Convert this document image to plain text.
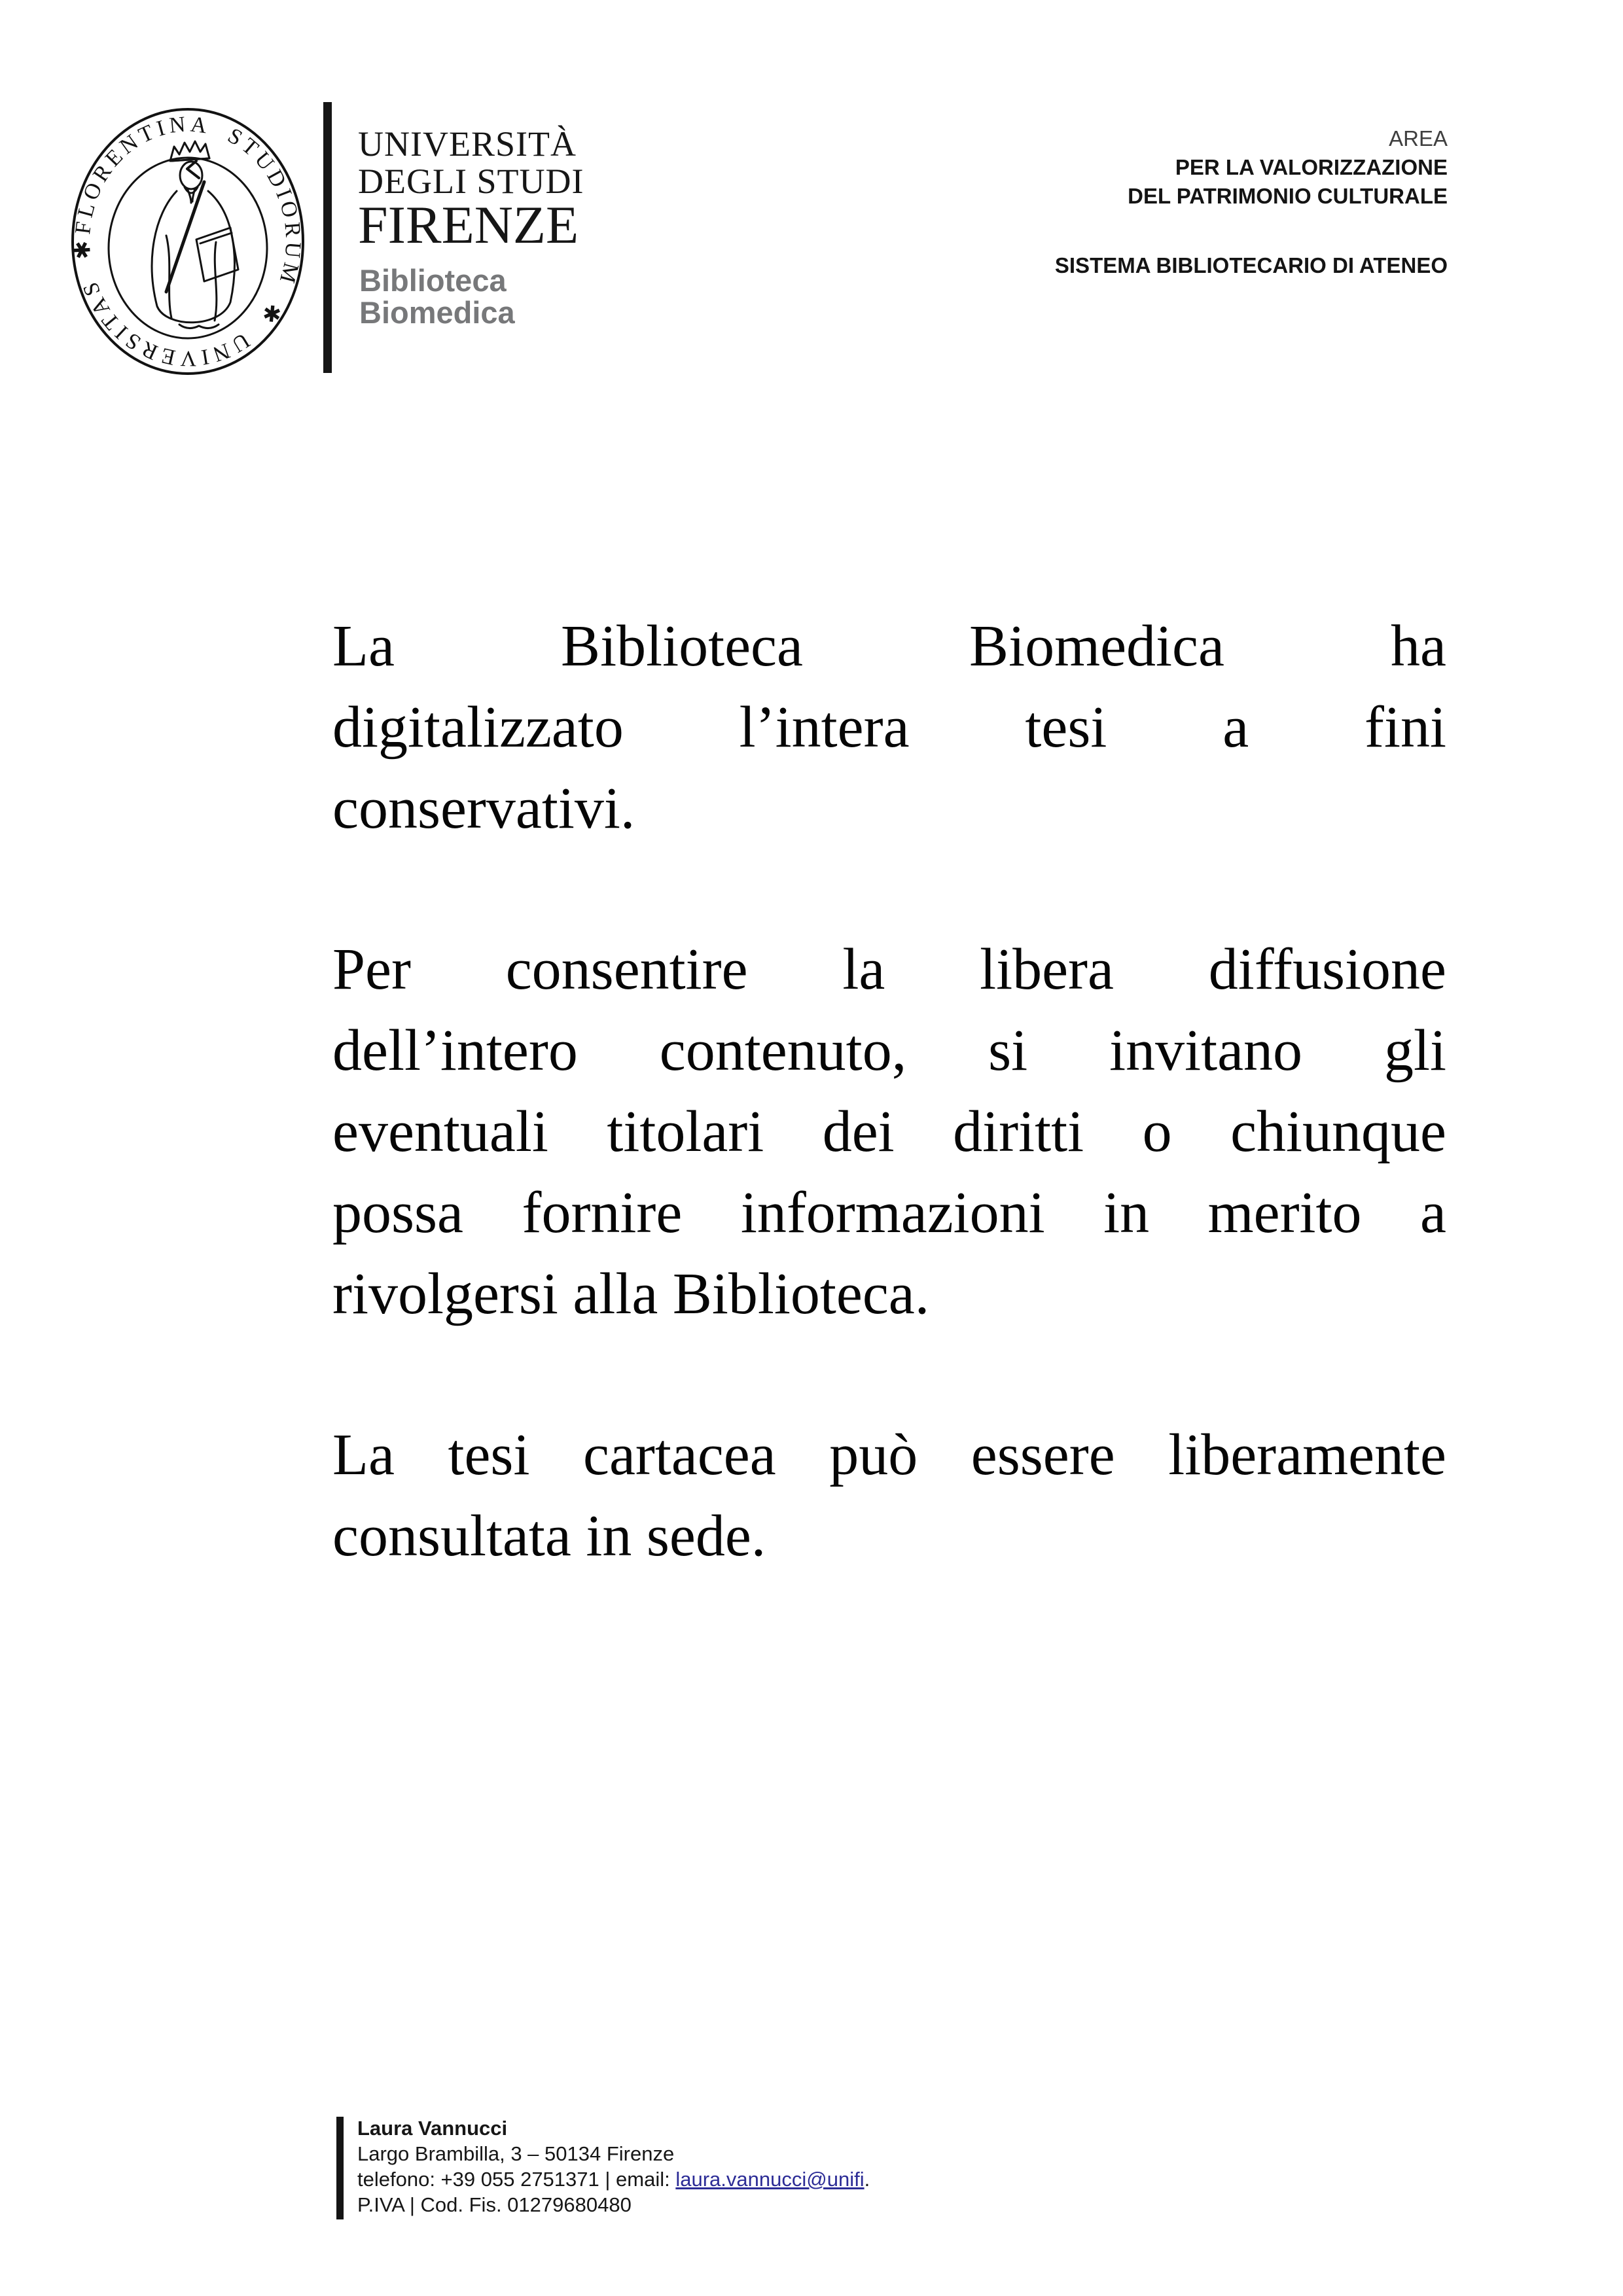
FLORENTINA STUDIORUM ✱ UNIVERSITAS ✱
UNIVERSITÀ
DEGLI STUDI
FIRENZE
Biblioteca
Biomedica
AREA
PER LA VALORIZZAZIONE
DEL PATRIMONIO CULTURALE
SISTEMA BIBLIOTECARIO DI ATENEO
La Biblioteca Biomedica ha
digitalizzato l’intera tesi a fini
conservativi.
Per consentire la libera diffusione
dell’intero contenuto, si invitano gli
eventuali titolari dei diritti o chiunque
possa fornire informazioni in merito a
rivolgersi alla Biblioteca.
La tesi cartacea può essere liberamente
consultata in sede.
Laura Vannucci
Largo Brambilla, 3 – 50134 Firenze
telefono: +39 055 2751371 | email: laura.vannucci@unifi.
P.IVA | Cod. Fis. 01279680480
